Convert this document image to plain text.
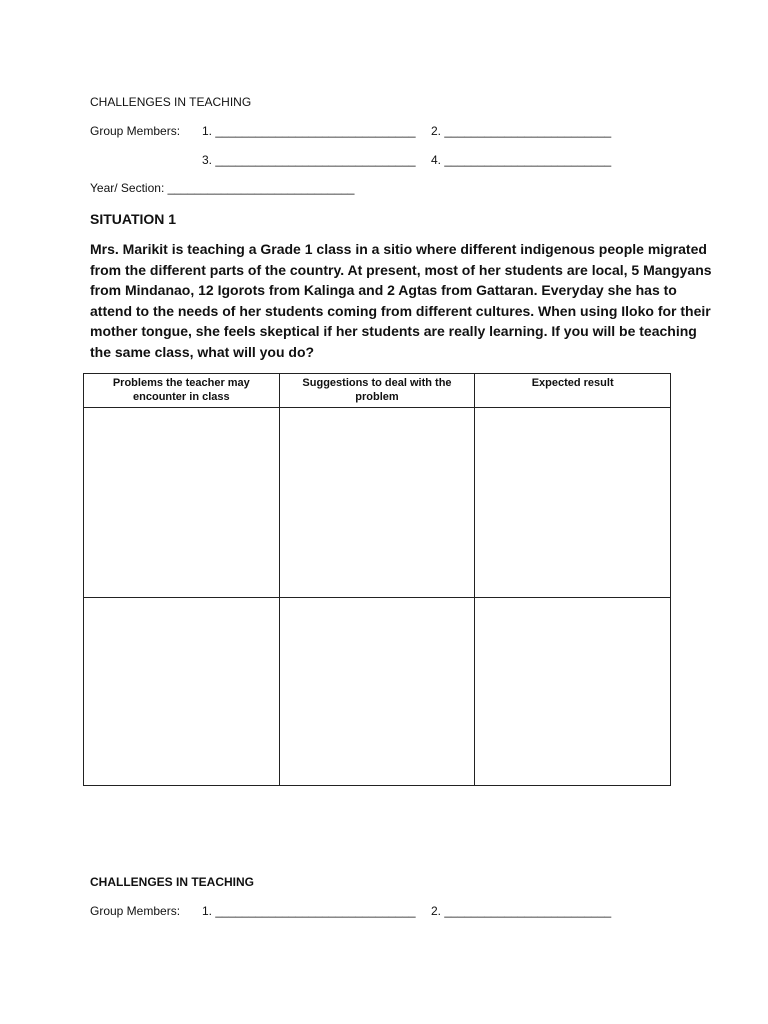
CHALLENGES IN TEACHING
Group Members: 1. ______________________________ 2. _________________________
3. ______________________________ 4. _________________________
Year/ Section: ____________________________
SITUATION 1
Mrs. Marikit is teaching a Grade 1 class in a sitio where different indigenous people migrated
from the different parts of the country. At present, most of her students are local, 5 Mangyans
from Mindanao, 12 Igorots from Kalinga and 2 Agtas from Gattaran. Everyday she has to
attend to the needs of her students coming from different cultures. When using Iloko for their
mother tongue, she feels skeptical if her students are really learning. If you will be teaching
the same class, what will you do?
Problems the teacher may encounter in class	Suggestions to deal with the problem	Expected result

CHALLENGES IN TEACHING
Group Members: 1. ______________________________ 2. _________________________
